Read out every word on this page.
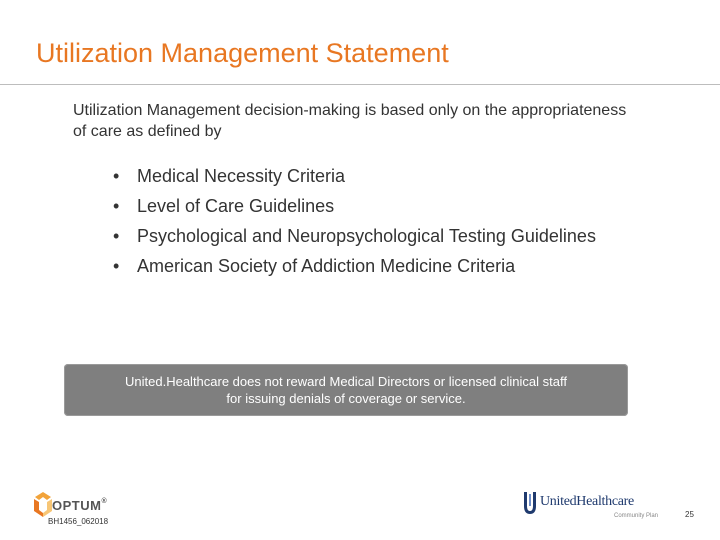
Utilization Management Statement
Utilization Management decision-making is based only on the appropriateness of care as defined by
• Medical Necessity Criteria
• Level of Care Guidelines
• Psychological and Neuropsychological Testing Guidelines
• American Society of Addiction Medicine Criteria
United.Healthcare does not reward Medical Directors or licensed clinical staff
for issuing denials of coverage or service.
OPTUM®
BH1456_062018
UnitedHealthcare
Community Plan	25
